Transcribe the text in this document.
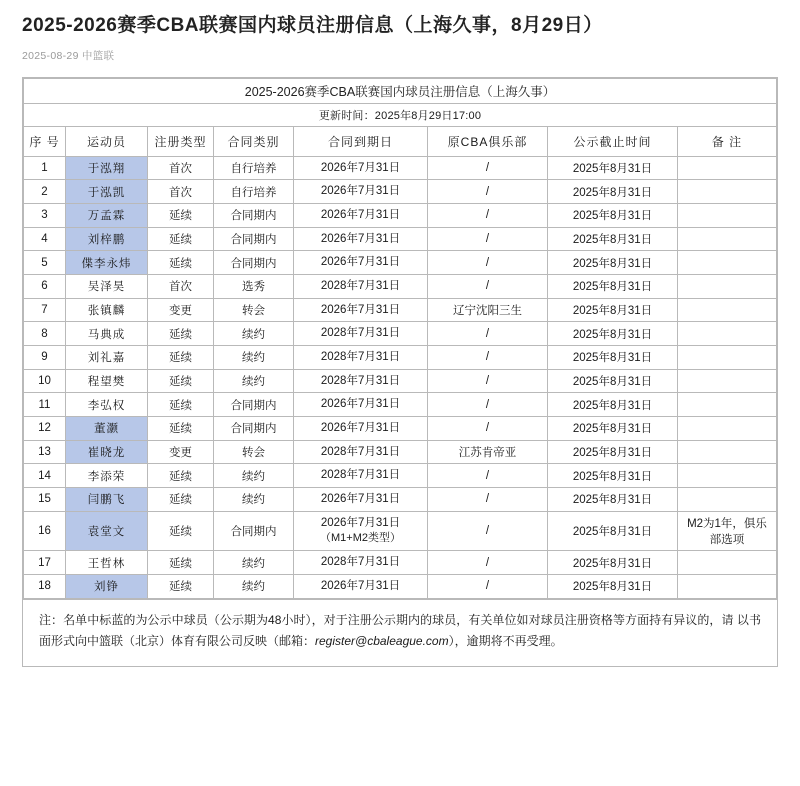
2025-2026赛季CBA联赛国内球员注册信息（上海久事，8月29日）
2025-08-29 中篮联
2025-2026赛季CBA联赛国内球员注册信息（上海久事）							
更新时间：2025年8月29日17:00							
序 号	运动员	注册类型	合同类别	合同到期日	原CBA俱乐部	公示截止时间	备 注
1	于泓翔	首次	自行培养	2026年7月31日	/	2025年8月31日	
2	于泓凯	首次	自行培养	2026年7月31日	/	2025年8月31日	
3	万孟霖	延续	合同期内	2026年7月31日	/	2025年8月31日	
4	刘梓鹏	延续	合同期内	2026年7月31日	/	2025年8月31日	
5	偞李永炜	延续	合同期内	2026年7月31日	/	2025年8月31日	
6	吴泽昊	首次	选秀	2028年7月31日	/	2025年8月31日	
7	张镇麟	变更	转会	2026年7月31日	辽宁沈阳三生	2025年8月31日	
8	马典成	延续	续约	2028年7月31日	/	2025年8月31日	
9	刘礼嘉	延续	续约	2028年7月31日	/	2025年8月31日	
10	程望樊	延续	续约	2028年7月31日	/	2025年8月31日	
11	李弘权	延续	合同期内	2026年7月31日	/	2025年8月31日	
12	董灏	延续	合同期内	2026年7月31日	/	2025年8月31日	
13	崔晓龙	变更	转会	2028年7月31日	江苏肯帝亚	2025年8月31日	
14	李添荣	延续	续约	2028年7月31日	/	2025年8月31日	
15	闫鹏飞	延续	续约	2026年7月31日	/	2025年8月31日	
16	袁堂文	延续	合同期内	2026年7月31日
（M1+M2类型）	/	2025年8月31日	M2为1年，俱乐部选项
17	王哲林	延续	续约	2028年7月31日	/	2025年8月31日	
18	刘铮	延续	续约	2026年7月31日	/	2025年8月31日	
注：名单中标蓝的为公示中球员（公示期为48小时），对于注册公示期内的球员，有关单位如对球员注册资格等方面持有异议的，请 以书面形式向中篮联（北京）体育有限公司反映（邮箱：register@cbaleague.com），逾期将不再受理。
